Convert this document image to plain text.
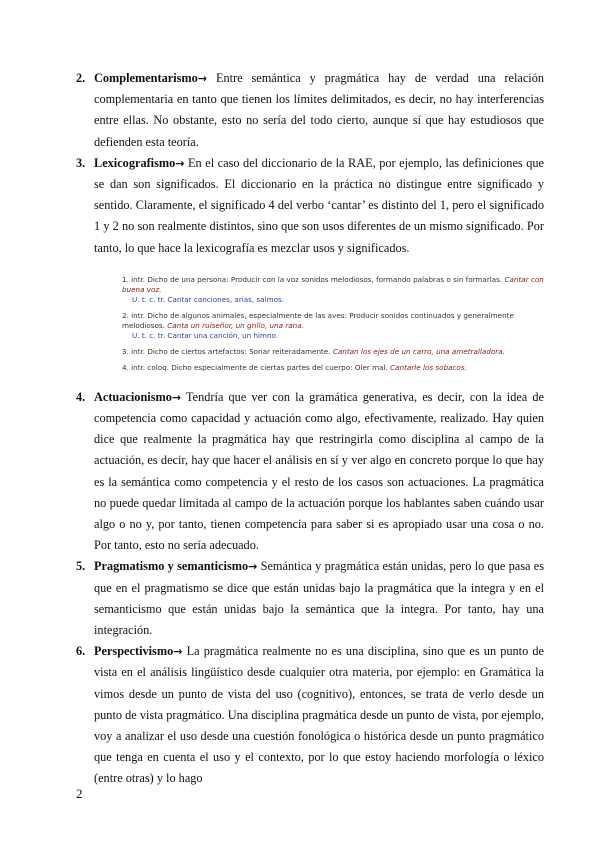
2. Complementarismo→ Entre semántica y pragmática hay de verdad una relación complementaria en tanto que tienen los límites delimitados, es decir, no hay interferencias entre ellas. No obstante, esto no sería del todo cierto, aunque sí que hay estudiosos que defienden esta teoría.

3. Lexicografismo→ En el caso del diccionario de la RAE, por ejemplo, las definiciones que se dan son significados. El diccionario en la práctica no distingue entre significado y sentido. Claramente, el significado 4 del verbo ‘cantar’ es distinto del 1, pero el significado 1 y 2 no son realmente distintos, sino que son usos diferentes de un mismo significado. Por tanto, lo que hace la lexicografía es mezclar usos y significados.

1. intr. Dicho de una persona: Producir con la voz sonidos melodiosos, formando palabras o sin formarlas. Cantar con buena voz.
U. t. c. tr. Cantar canciones, arias, salmos.
2. intr. Dicho de algunos animales, especialmente de las aves: Producir sonidos continuados y generalmente melodiosos. Canta un ruiseñor, un grillo, una rana.
U. t. c. tr. Cantar una canción, un himno.
3. intr. Dicho de ciertos artefactos: Sonar reiteradamente. Cantan los ejes de un carro, una ametralladora.
4. intr. coloq. Dicho especialmente de ciertas partes del cuerpo: Oler mal. Cantarle los sobacos.
4. Actuacionismo→ Tendría que ver con la gramática generativa, es decir, con la idea de competencia como capacidad y actuación como algo, efectivamente, realizado. Hay quien dice que realmente la pragmática hay que restringirla como disciplina al campo de la actuación, es decir, hay que hacer el análisis en sí y ver algo en concreto porque lo que hay es la semántica como competencia y el resto de los casos son actuaciones. La pragmática no puede quedar limitada al campo de la actuación porque los hablantes saben cuándo usar algo o no y, por tanto, tienen competencia para saber si es apropiado usar una cosa o no. Por tanto, esto no sería adecuado.

5. Pragmatismo y semanticismo→ Semántica y pragmática están unidas, pero lo que pasa es que en el pragmatismo se dice que están unidas bajo la pragmática que la integra y en el semanticismo que están unidas bajo la semántica que la integra. Por tanto, hay una integración.

6. Perspectivismo→ La pragmática realmente no es una disciplina, sino que es un punto de vista en el análisis lingüístico desde cualquier otra materia, por ejemplo: en Gramática la vimos desde un punto de vista del uso (cognitivo), entonces, se trata de verlo desde un punto de vista pragmático. Una disciplina pragmática desde un punto de vista, por ejemplo, voy a analizar el uso desde una cuestión fonológica o histórica desde un punto pragmático que tenga en cuenta el uso y el contexto, por lo que estoy haciendo morfología o léxico (entre otras) y lo hago

2
